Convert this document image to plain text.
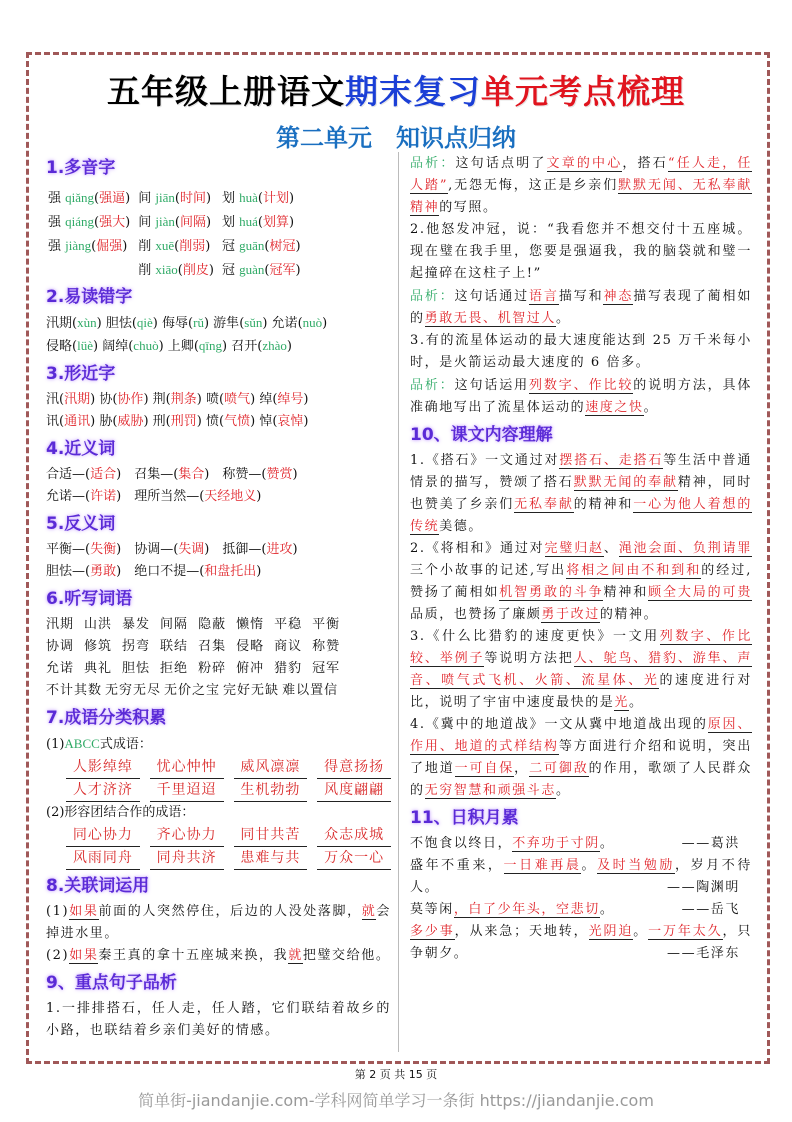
五年级上册语文期末复习单元考点梳理
第二单元　知识点归纳
1.多音字
强 qiǎng(强逼)	间 jiān(时间)	划 huà(计划)
强 qiáng(强大)	间 jiàn(间隔)	划 huá(划算)
强 jiàng(倔强)	削 xuē(削弱)	冠 guān(树冠)
	削 xiāo(削皮)	冠 guàn(冠军)
2.易读错字
汛期(xùn) 胆怯(qiè) 侮辱(rǔ) 游隼(sǔn) 允诺(nuò)
侵略(lüè) 阔绰(chuò) 上卿(qīng) 召开(zhào)
3.形近字
汛(汛期) 协(协作) 荆(荆条) 喷(喷气) 绰(绰号)
讯(通讯) 胁(威胁) 刑(刑罚) 愤(气愤) 悼(哀悼)
4.近义词
合适—(适合)　召集—(集合)　称赞—(赞赏)　
允诺—(许诺)　理所当然—(天经地义)　
5.反义词
平衡—(失衡)　协调—(失调)　抵御—(进攻)　
胆怯—(勇敢)　绝口不提—(和盘托出)　
6.听写词语
汛期 山洪 暴发 间隔 隐蔽 懒惰 平稳 平衡
协调 修筑 拐弯 联结 召集 侵略 商议 称赞
允诺 典礼 胆怯 拒绝 粉碎 俯冲 猎豹 冠军
不计其数 无穷无尽 无价之宝 完好无缺 难以置信
7.成语分类积累
(1)ABCC式成语：
人影绰绰	忧心忡忡	威风凛凛	得意扬扬
人才济济	千里迢迢	生机勃勃	风度翩翩
(2)形容团结合作的成语：
同心协力	齐心协力	同甘共苦	众志成城
风雨同舟	同舟共济	患难与共	万众一心
8.关联词运用
(1)如果前面的人突然停住，后边的人没处落脚，就会掉进水里。
(2)如果秦王真的拿十五座城来换，我就把璧交给他。
9、重点句子品析
1.一排排搭石，任人走，任人踏，它们联结着故乡的小路，也联结着乡亲们美好的情感。
品析：这句话点明了文章的中心，搭石“任人走，任人踏”,无怨无悔，这正是乡亲们默默无闻、无私奉献精神的写照。
2.他怒发冲冠，说：“我看您并不想交付十五座城。现在璧在我手里，您要是强逼我，我的脑袋就和璧一起撞碎在这柱子上!”
品析：这句话通过语言描写和神态描写表现了蔺相如的勇敢无畏、机智过人。
3.有的流星体运动的最大速度能达到 25 万千米每小时，是火箭运动最大速度的 6 倍多。
品析：这句话运用列数字、作比较的说明方法，具体准确地写出了流星体运动的速度之快。
10、课文内容理解
1.《搭石》一文通过对摆搭石、走搭石等生活中普通情景的描写，赞颂了搭石默默无闻的奉献精神，同时也赞美了乡亲们无私奉献的精神和一心为他人着想的传统美德。
2.《将相和》通过对完璧归赵、渑池会面、负荆请罪三个小故事的记述,写出将相之间由不和到和的经过,赞扬了蔺相如机智勇敢的斗争精神和顾全大局的可贵品质，也赞扬了廉颇勇于改过的精神。
3.《什么比猎豹的速度更快》一文用列数字、作比较、举例子等说明方法把人、鸵鸟、猎豹、游隼、声音、喷气式飞机、火箭、流星体、光的速度进行对比，说明了宇宙中速度最快的是光。
4.《冀中的地道战》一文从冀中地道战出现的原因、作用、地道的式样结构等方面进行介绍和说明，突出了地道一可自保，二可御敌的作用，歌颂了人民群众的无穷智慧和顽强斗志。
11、日积月累
不饱食以终日，不弃功于寸阴。	——葛洪
盛年不重来，一日难再晨。及时当勉励，岁月不待人。	——陶渊明
莫等闲，白了少年头，空悲切。	——岳飞
多少事，从来急；天地转，光阴迫。一万年太久，只争朝夕。	——毛泽东
第 2 页 共 15 页
简单街-jiandanjie.com-学科网简单学习一条街 https://jiandanjie.com
